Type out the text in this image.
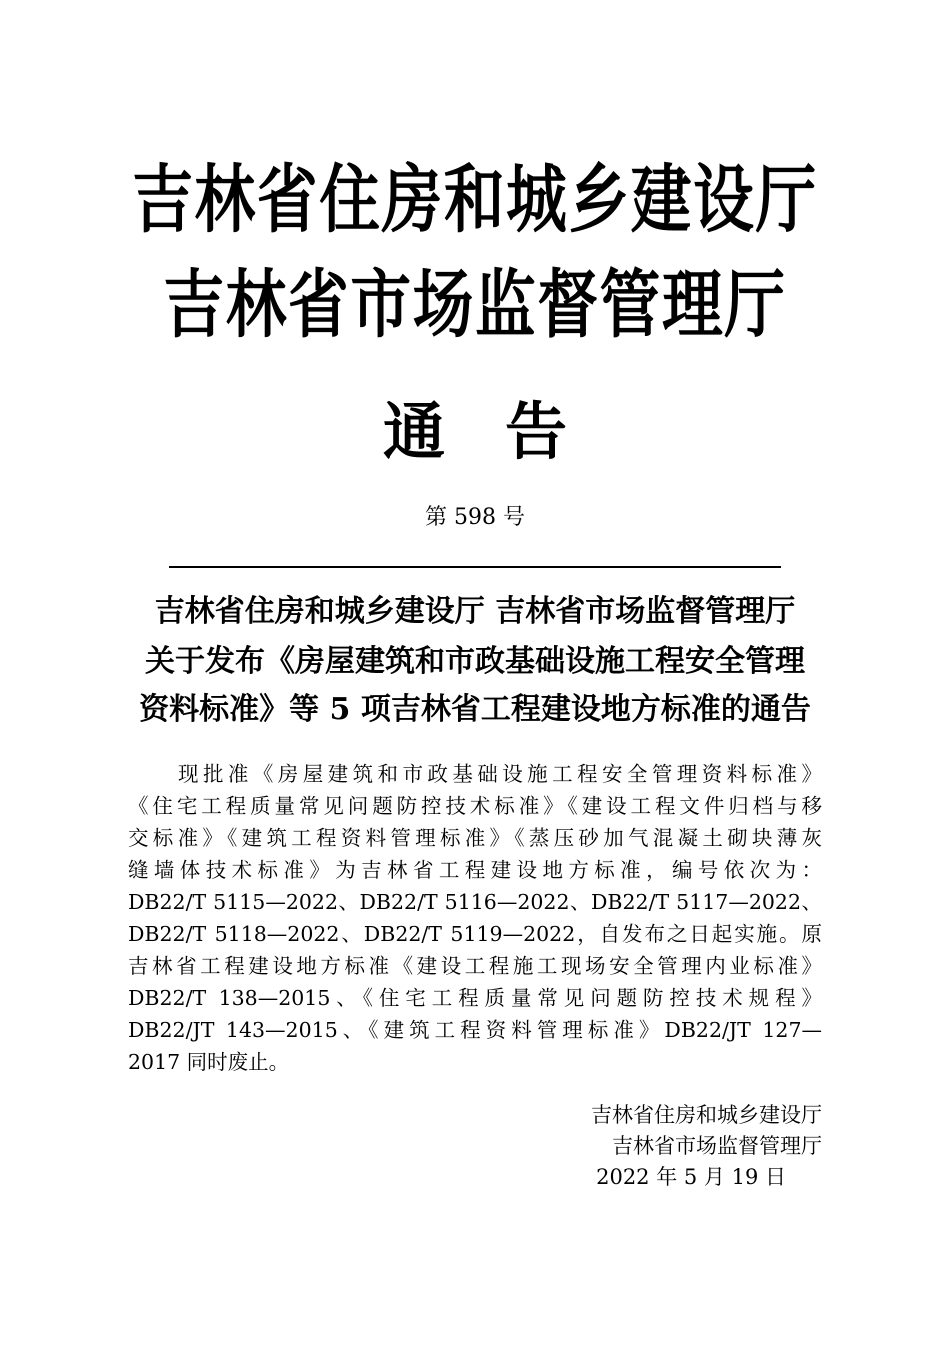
吉林省住房和城乡建设厅
吉林省市场监督管理厅
通告
第 598 号
吉林省住房和城乡建设厅 吉林省市场监督管理厅
关于发布《房屋建筑和市政基础设施工程安全管理
资料标准》等 5 项吉林省工程建设地方标准的通告
现批准《房屋建筑和市政基础设施工程安全管理资料标准》
《住宅工程质量常见问题防控技术标准》《建设工程文件归档与移
交标准》《建筑工程资料管理标准》《蒸压砂加气混凝土砌块薄灰
缝墙体技术标准》为吉林省工程建设地方标准，编号依次为：
DB22/T 5115—2022、DB22/T 5116—2022、DB22/T 5117—2022、
DB22/T 5118—2022、DB22/T 5119—2022，自发布之日起实施。原
吉林省工程建设地方标准《建设工程施工现场安全管理内业标准》
DB22/T 138—2015、《住宅工程质量常见问题防控技术规程》
DB22/JT 143—2015、《建筑工程资料管理标准》DB22/JT 127—
2017 同时废止。
吉林省住房和城乡建设厅
吉林省市场监督管理厅
2022 年 5 月 19 日
